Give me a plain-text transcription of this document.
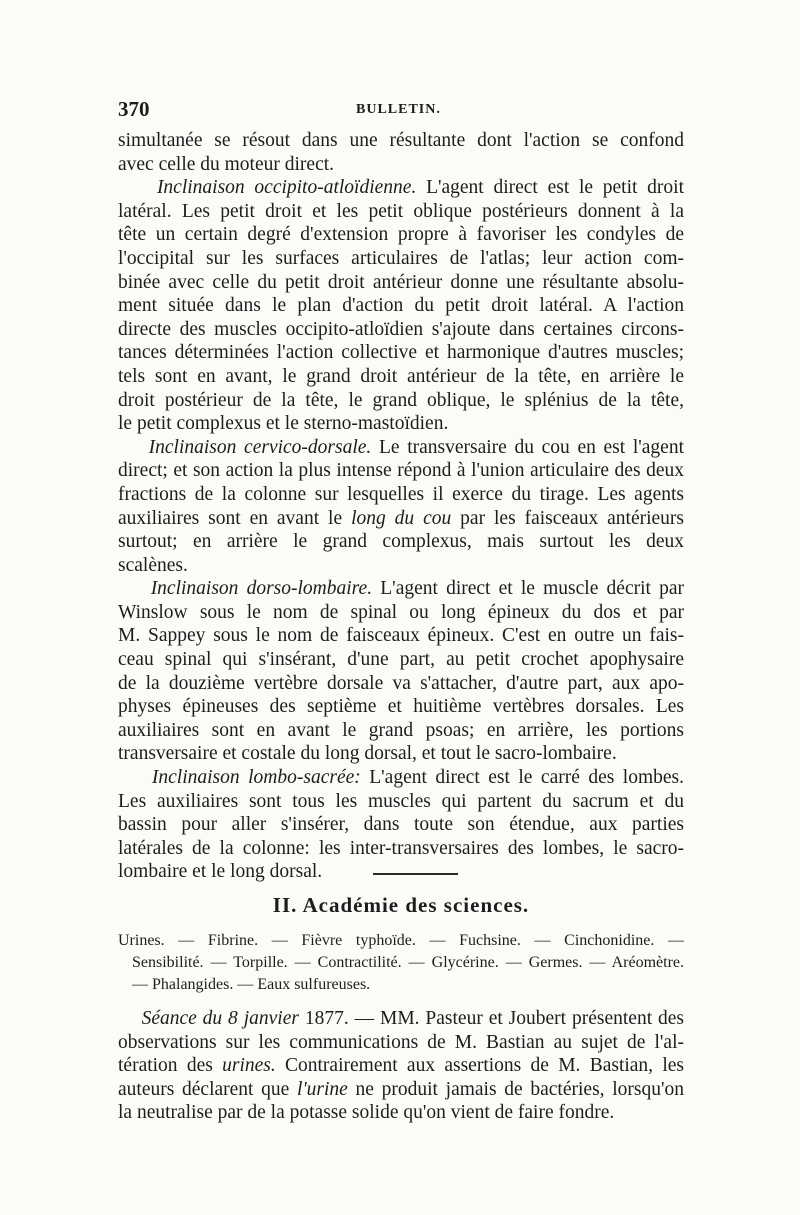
370	BULLETIN.
simultanée se résout dans une résultante dont l'action se confond
avec celle du moteur direct.
Inclinaison occipito-atloïdienne. L'agent direct est le petit droit
latéral. Les petit droit et les petit oblique postérieurs donnent à la
tête un certain degré d'extension propre à favoriser les condyles de
l'occipital sur les surfaces articulaires de l'atlas; leur action com-
binée avec celle du petit droit antérieur donne une résultante absolu-
ment située dans le plan d'action du petit droit latéral. A l'action
directe des muscles occipito-atloïdien s'ajoute dans certaines circons-
tances déterminées l'action collective et harmonique d'autres muscles;
tels sont en avant, le grand droit antérieur de la tête, en arrière le
droit postérieur de la tête, le grand oblique, le splénius de la tête,
le petit complexus et le sterno-mastoïdien.
Inclinaison cervico-dorsale. Le transversaire du cou en est l'agent
direct; et son action la plus intense répond à l'union articulaire des deux
fractions de la colonne sur lesquelles il exerce du tirage. Les agents
auxiliaires sont en avant le long du cou par les faisceaux antérieurs
surtout; en arrière le grand complexus, mais surtout les deux
scalènes.
Inclinaison dorso-lombaire. L'agent direct et le muscle décrit par
Winslow sous le nom de spinal ou long épineux du dos et par
M. Sappey sous le nom de faisceaux épineux. C'est en outre un fais-
ceau spinal qui s'insérant, d'une part, au petit crochet apophysaire
de la douzième vertèbre dorsale va s'attacher, d'autre part, aux apo-
physes épineuses des septième et huitième vertèbres dorsales. Les
auxiliaires sont en avant le grand psoas; en arrière, les portions
transversaire et costale du long dorsal, et tout le sacro-lombaire.
Inclinaison lombo-sacrée: L'agent direct est le carré des lombes.
Les auxiliaires sont tous les muscles qui partent du sacrum et du
bassin pour aller s'insérer, dans toute son étendue, aux parties
latérales de la colonne: les inter-transversaires des lombes, le sacro-
lombaire et le long dorsal.
II. Académie des sciences.
Urines. — Fibrine. — Fièvre typhoïde. — Fuchsine. — Cinchonidine. —
Sensibilité. — Torpille. — Contractilité. — Glycérine. — Germes. — Aréomètre.
— Phalangides. — Eaux sulfureuses.
Séance du 8 janvier 1877. — MM. Pasteur et Joubert présentent des
observations sur les communications de M. Bastian au sujet de l'al-
tération des urines. Contrairement aux assertions de M. Bastian, les
auteurs déclarent que l'urine ne produit jamais de bactéries, lorsqu'on
la neutralise par de la potasse solide qu'on vient de faire fondre.
